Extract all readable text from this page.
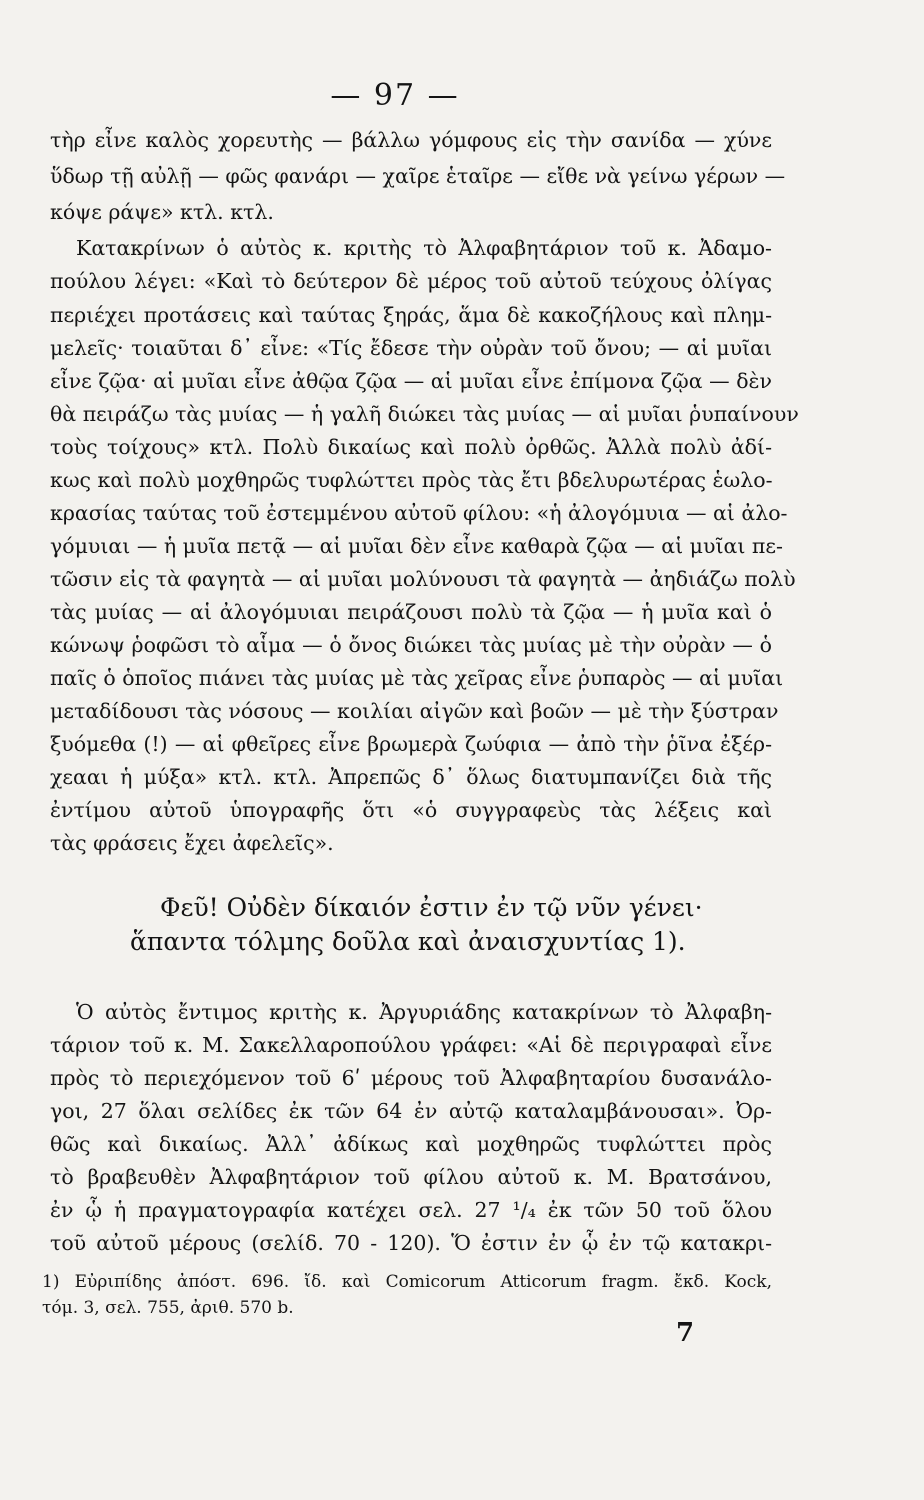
— 97 —
τὴρ εἶνε καλὸς χορευτὴς — βάλλω γόμφους εἰς τὴν σανίδα — χύνε
ὕδωρ τῇ αὐλῇ — φῶς φανάρι — χαῖρε ἑταῖρε — εἴθε νὰ γείνω γέρων —
κόψε ράψε» κτλ. κτλ.
Κατακρίνων ὁ αὐτὸς κ. κριτὴς τὸ Ἀλφαβητάριον τοῦ κ. Ἀδαμο-
πούλου λέγει: «Καὶ τὸ δεύτερον δὲ μέρος τοῦ αὐτοῦ τεύχους ὀλίγας
περιέχει προτάσεις καὶ ταύτας ξηράς, ἅμα δὲ κακοζήλους καὶ πλημ-
μελεῖς· τοιαῦται δ᾽ εἶνε: «Τίς ἔδεσε τὴν οὐρὰν τοῦ ὄνου; — αἱ μυῖαι
εἶνε ζῷα· αἱ μυῖαι εἶνε ἀθῷα ζῷα — αἱ μυῖαι εἶνε ἐπίμονα ζῷα — δὲν
θὰ πειράζω τὰς μυίας — ἡ γαλῆ διώκει τὰς μυίας — αἱ μυῖαι ῥυπαίνουν
τοὺς τοίχους» κτλ. Πολὺ δικαίως καὶ πολὺ ὀρθῶς. Ἀλλὰ πολὺ ἀδί-
κως καὶ πολὺ μοχθηρῶς τυφλώττει πρὸς τὰς ἔτι βδελυρωτέρας ἑωλο-
κρασίας ταύτας τοῦ ἐστεμμένου αὐτοῦ φίλου: «ἡ ἀλογόμυια — αἱ ἀλο-
γόμυιαι — ἡ μυῖα πετᾷ — αἱ μυῖαι δὲν εἶνε καθαρὰ ζῷα — αἱ μυῖαι πε-
τῶσιν εἰς τὰ φαγητὰ — αἱ μυῖαι μολύνουσι τὰ φαγητὰ — ἀηδιάζω πολὺ
τὰς μυίας — αἱ ἀλογόμυιαι πειράζουσι πολὺ τὰ ζῷα — ἡ μυῖα καὶ ὁ
κώνωψ ῥοφῶσι τὸ αἷμα — ὁ ὄνος διώκει τὰς μυίας μὲ τὴν οὐρὰν — ὁ
παῖς ὁ ὁποῖος πιάνει τὰς μυίας μὲ τὰς χεῖρας εἶνε ῥυπαρὸς — αἱ μυῖαι
μεταδίδουσι τὰς νόσους — κοιλίαι αἰγῶν καὶ βοῶν — μὲ τὴν ξύστραν
ξυόμεθα (!) — αἱ φθεῖρες εἶνε βρωμερὰ ζωύφια — ἀπὸ τὴν ῥῖνα ἐξέρ-
χεααι ἡ μύξα» κτλ. κτλ. Ἀπρεπῶς δ᾽ ὅλως διατυμπανίζει διὰ τῆς
ἐντίμου αὐτοῦ ὑπογραφῆς ὅτι «ὁ συγγραφεὺς τὰς λέξεις καὶ
τὰς φράσεις ἔχει ἀφελεῖς».
Φεῦ! Οὐδὲν δίκαιόν ἐστιν ἐν τῷ νῦν γένει·
ἅπαντα τόλμης δοῦλα καὶ ἀναισχυντίας 1).
Ὁ αὐτὸς ἔντιμος κριτὴς κ. Ἀργυριάδης κατακρίνων τὸ Ἀλφαβη-
τάριον τοῦ κ. Μ. Σακελλαροπούλου γράφει: «Αἱ δὲ περιγραφαὶ εἶνε
πρὸς τὸ περιεχόμενον τοῦ 6ʹ μέρους τοῦ Ἀλφαβηταρίου δυσανάλο-
γοι, 27 ὅλαι σελίδες ἐκ τῶν 64 ἐν αὐτῷ καταλαμβάνουσαι». Ὀρ-
θῶς καὶ δικαίως. Ἀλλ᾽ ἀδίκως καὶ μοχθηρῶς τυφλώττει πρὸς
τὸ βραβευθὲν Ἀλφαβητάριον τοῦ φίλου αὐτοῦ κ. Μ. Βρατσάνου,
ἐν ᾧ ἡ πραγματογραφία κατέχει σελ. 27 ¹/₄ ἐκ τῶν 50 τοῦ ὅλου
τοῦ αὐτοῦ μέρους (σελίδ. 70 - 120). Ὅ ἐστιν ἐν ᾧ ἐν τῷ κατακρι-
1) Εὐριπίδης ἀπόστ. 696. ἴδ. καὶ Comicorum Atticorum fragm. ἔκδ. Kock,
τόμ. 3, σελ. 755, ἀριθ. 570 b.
7
